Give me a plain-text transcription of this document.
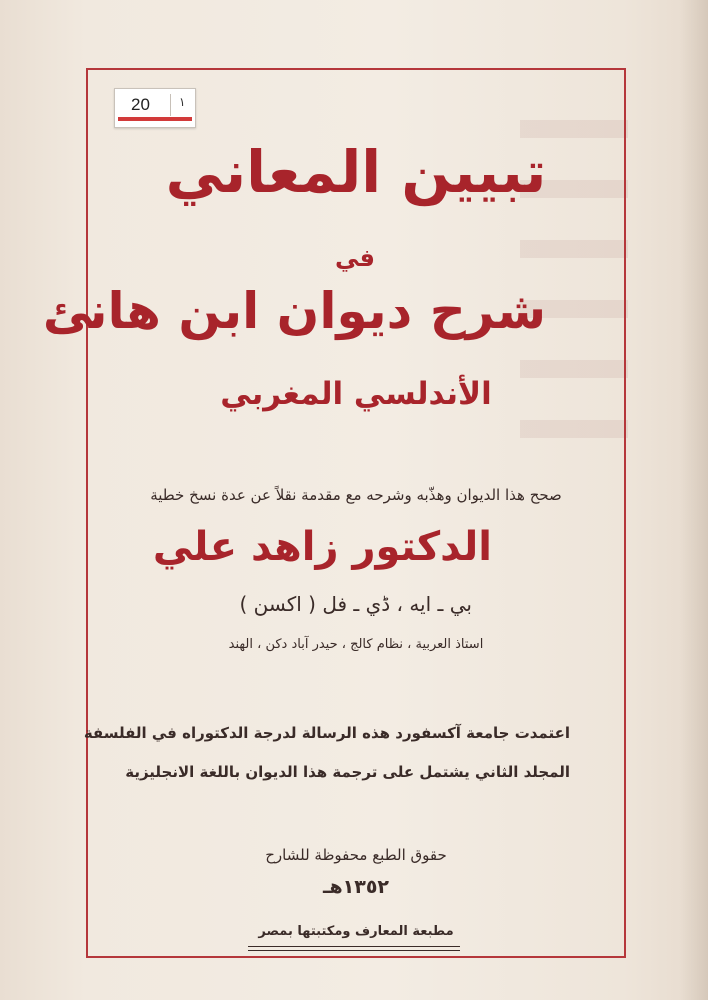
20 ١
تبيين المعاني
في
شرح ديوان ابن هانئ
الأندلسي المغربي
صحح هذا الديوان وهذّبه وشرحه مع مقدمة نقلاً عن عدة نسخ خطية
الدكتور زاهد علي
بي ـ ايه ، ڈي ـ فل ( اكسن )
استاذ العربية ، نظام كالج ، حيدر آباد دكن ، الهند
اعتمدت جامعة آكسفورد هذه الرسالة لدرجة الدكتوراه في الفلسفة
المجلد الثاني يشتمل على ترجمة هذا الديوان باللغة الانجليزية
حقوق الطبع محفوظة للشارح
١٣٥٢هـ
مطبعة المعارف ومكتبتها بمصر
